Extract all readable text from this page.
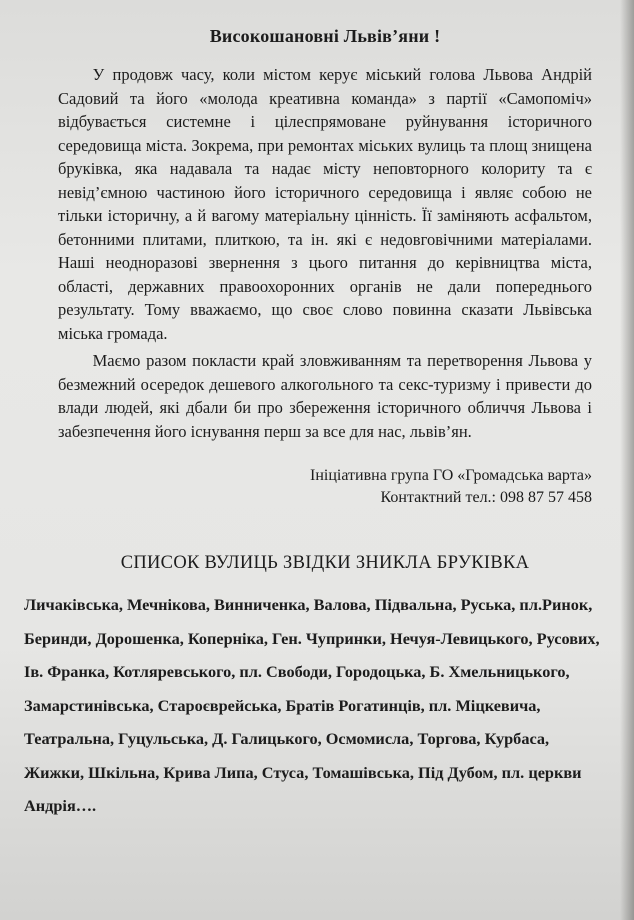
Високошановні Львів’яни !

У продовж часу, коли містом керує міський голова Львова Андрій Садовий та його «молода креативна команда» з партії «Самопоміч» відбувається системне і цілеспрямоване руйнування історичного середовища міста. Зокрема, при ремонтах міських вулиць та площ знищена бруківка, яка надавала та надає місту неповторного колориту та є невід’ємною частиною його історичного середовища і являє собою не тільки історичну, а й вагому матеріальну цінність. Її заміняють асфальтом, бетонними плитами, плиткою, та ін. які є недовговічними матеріалами. Наші неодноразові звернення з цього питання до керівництва міста, області, державних правоохоронних органів не дали попереднього результату. Тому вважаємо, що своє слово повинна сказати Львівська міська громада.

Маємо разом покласти край зловживанням та перетворення Львова у безмежний осередок дешевого алкогольного та секс-туризму і привести до влади людей, які дбали би про збереження історичного обличчя Львова і забезпечення його існування перш за все для нас, львів’ян.

Ініціативна група ГО «Громадська варта»
Контактний тел.: 098 87 57 458
СПИСОК ВУЛИЦЬ ЗВІДКИ ЗНИКЛА БРУКІВКА
Личаківська, Мечнікова, Винниченка, Валова, Підвальна, Руська, пл.Ринок, Беринди, Дорошенка, Коперніка, Ген. Чупринки, Нечуя-Левицького, Русових, Ів. Франка, Котляревського, пл. Свободи, Городоцька, Б. Хмельницького, Замарстинівська, Староєврейська, Братів Рогатинців, пл. Міцкевича, Театральна, Гуцульська, Д. Галицького, Осмомисла, Торгова, Курбаса, Жижки, Шкільна, Крива Липа, Стуса, Томашівська, Під Дубом, пл. церкви Андрія….
